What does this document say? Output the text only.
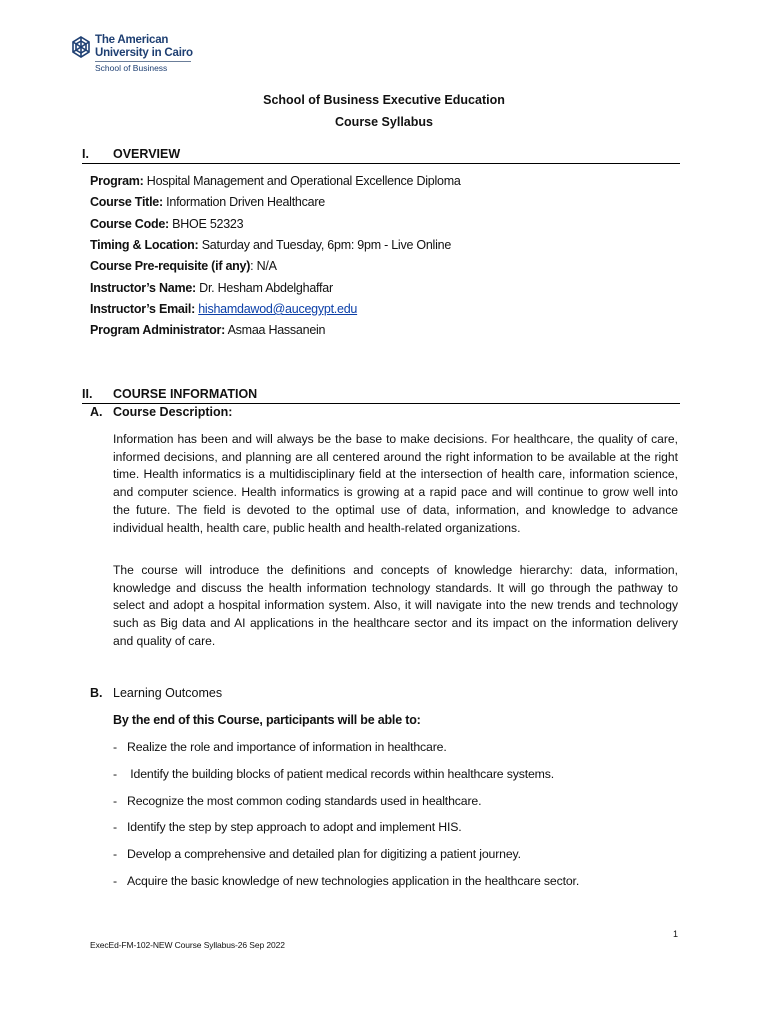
The American
University in Cairo
School of Business
School of Business Executive Education
Course Syllabus
I. OVERVIEW
Program: Hospital Management and Operational Excellence Diploma
Course Title: Information Driven Healthcare
Course Code: BHOE 52323
Timing & Location: Saturday and Tuesday, 6pm: 9pm - Live Online
Course Pre-requisite (if any): N/A
Instructor’s Name: Dr. Hesham Abdelghaffar
Instructor’s Email: hishamdawod@aucegypt.edu
Program Administrator: Asmaa Hassanein
II. COURSE INFORMATION
A. Course Description:

Information has been and will always be the base to make decisions. For healthcare, the quality of care, informed decisions, and planning are all centered around the right information to be available at the right time. Health informatics is a multidisciplinary field at the intersection of health care, information science, and computer science. Health informatics is growing at a rapid pace and will continue to grow well into the future. The field is devoted to the optimal use of data, information, and knowledge to advance individual health, health care, public health and health-related organizations.

The course will introduce the definitions and concepts of knowledge hierarchy: data, information, knowledge and discuss the health information technology standards. It will go through the pathway to select and adopt a hospital information system. Also, it will navigate into the new trends and technology such as Big data and AI applications in the healthcare sector and its impact on the information delivery and quality of care.

B. Learning Outcomes
By the end of this Course, participants will be able to:
- Realize the role and importance of information in healthcare.
- Identify the building blocks of patient medical records within healthcare systems.
- Recognize the most common coding standards used in healthcare.
- Identify the step by step approach to adopt and implement HIS.
- Develop a comprehensive and detailed plan for digitizing a patient journey.
- Acquire the basic knowledge of new technologies application in the healthcare sector.
1
ExecEd-FM-102-NEW Course Syllabus-26 Sep 2022
